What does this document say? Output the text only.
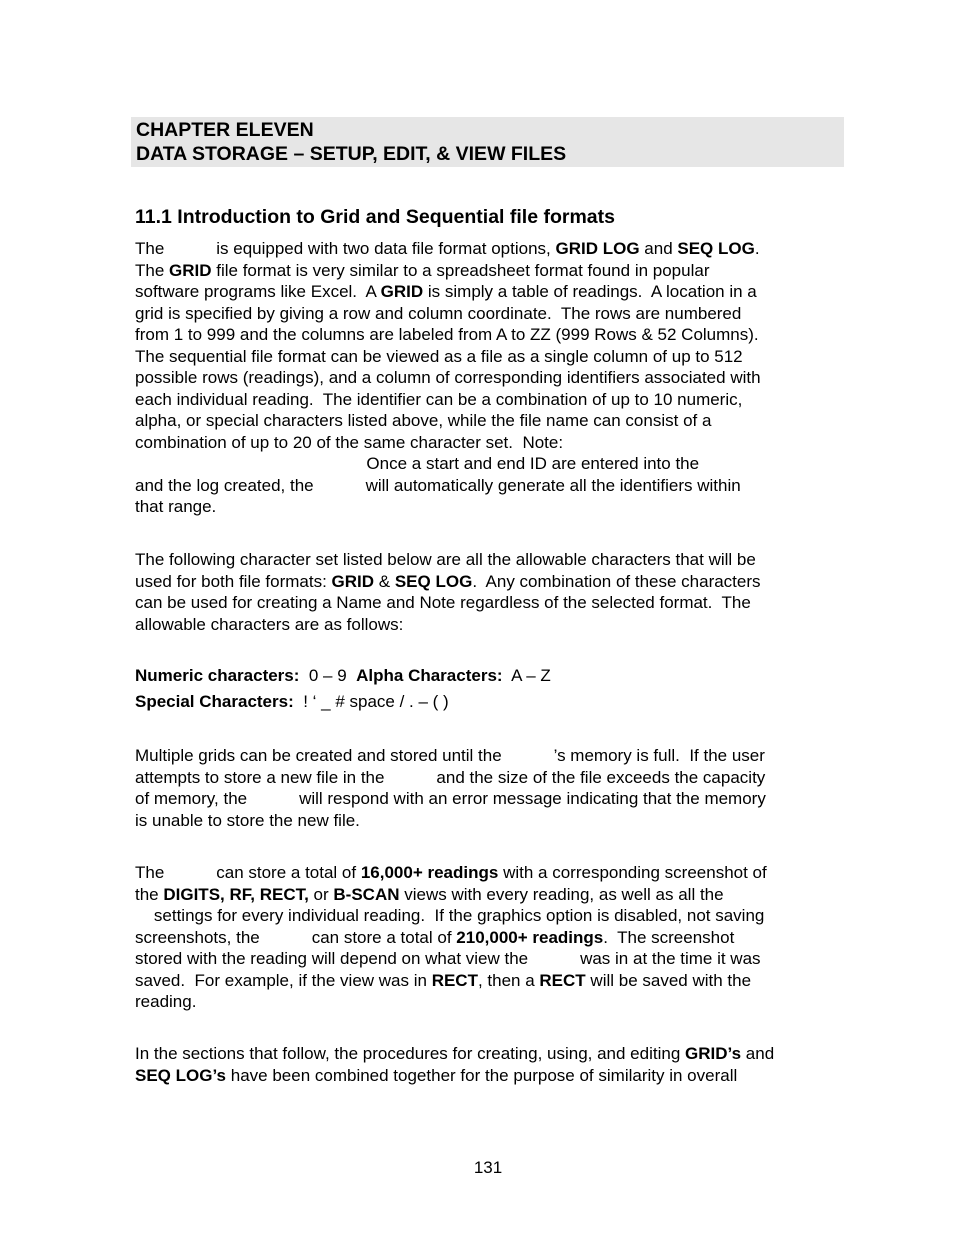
CHAPTER ELEVEN
DATA STORAGE – SETUP, EDIT, & VIEW FILES
11.1 Introduction to Grid and Sequential file formats
The           is equipped with two data file format options, GRID LOG and SEQ LOG.
The GRID file format is very similar to a spreadsheet format found in popular
software programs like Excel.  A GRID is simply a table of readings.  A location in a
grid is specified by giving a row and column coordinate.  The rows are numbered
from 1 to 999 and the columns are labeled from A to ZZ (999 Rows & 52 Columns).
The sequential file format can be viewed as a file as a single column of up to 512
possible rows (readings), and a column of corresponding identifiers associated with
each individual reading.  The identifier can be a combination of up to 10 numeric,
alpha, or special characters listed above, while the file name can consist of a
combination of up to 20 of the same character set.  Note:
Once a start and end ID are entered into the
and the log created, the           will automatically generate all the identifiers within
that range.
The following character set listed below are all the allowable characters that will be
used for both file formats: GRID & SEQ LOG.  Any combination of these characters
can be used for creating a Name and Note regardless of the selected format.  The
allowable characters are as follows:
Numeric characters:  0 – 9  Alpha Characters:  A – Z
Special Characters:  ! ‘ _ # space / . – ( )
Multiple grids can be created and stored until the           ’s memory is full.  If the user
attempts to store a new file in the           and the size of the file exceeds the capacity
of memory, the           will respond with an error message indicating that the memory
is unable to store the new file.
The           can store a total of 16,000+ readings with a corresponding screenshot of
the DIGITS, RF, RECT, or B-SCAN views with every reading, as well as all the
settings for every individual reading.  If the graphics option is disabled, not saving
screenshots, the           can store a total of 210,000+ readings.  The screenshot
stored with the reading will depend on what view the           was in at the time it was
saved.  For example, if the view was in RECT, then a RECT will be saved with the
reading.
In the sections that follow, the procedures for creating, using, and editing GRID’s and
SEQ LOG’s have been combined together for the purpose of similarity in overall
131
